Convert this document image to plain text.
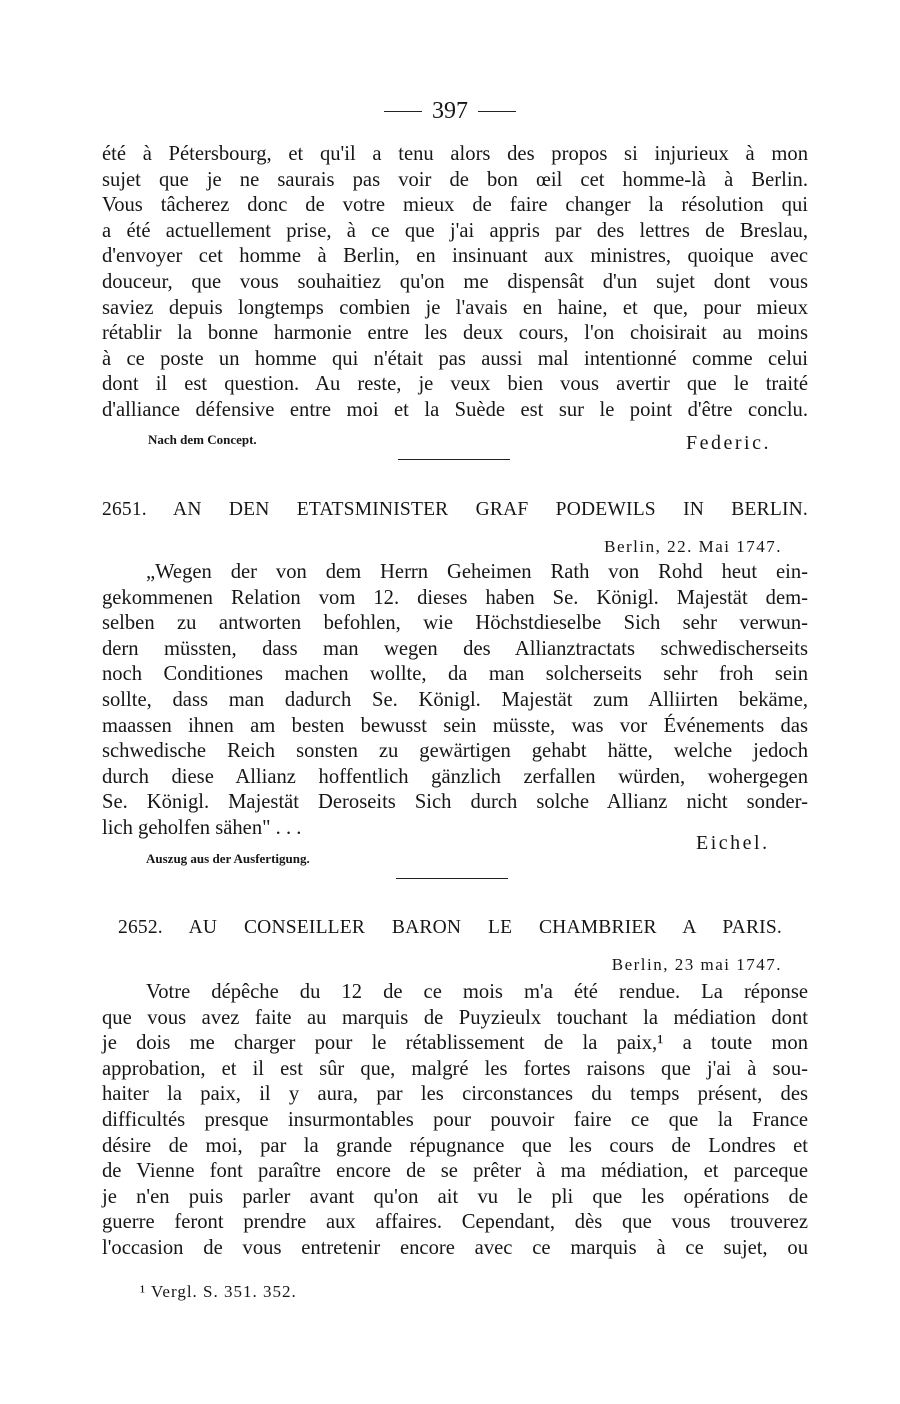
397
été à Pétersbourg, et qu'il a tenu alors des propos si injurieux à mon
sujet que je ne saurais pas voir de bon œil cet homme-là à Berlin.
Vous tâcherez donc de votre mieux de faire changer la résolution qui
a été actuellement prise, à ce que j'ai appris par des lettres de Breslau,
d'envoyer cet homme à Berlin, en insinuant aux ministres, quoique avec
douceur, que vous souhaitiez qu'on me dispensât d'un sujet dont vous
saviez depuis longtemps combien je l'avais en haine, et que, pour mieux
rétablir la bonne harmonie entre les deux cours, l'on choisirait au moins
à ce poste un homme qui n'était pas aussi mal intentionné comme celui
dont il est question. Au reste, je veux bien vous avertir que le traité
d'alliance défensive entre moi et la Suède est sur le point d'être conclu.
Nach dem Concept.	Federic.
2651. AN DEN ETATSMINISTER GRAF PODEWILS IN BERLIN.
Berlin, 22. Mai 1747.
„Wegen der von dem Herrn Geheimen Rath von Rohd heut ein-
gekommenen Relation vom 12. dieses haben Se. Königl. Majestät dem-
selben zu antworten befohlen, wie Höchstdieselbe Sich sehr verwun-
dern müssten, dass man wegen des Allianztractats schwedischerseits
noch Conditiones machen wollte, da man solcherseits sehr froh sein
sollte, dass man dadurch Se. Königl. Majestät zum Alliirten bekäme,
maassen ihnen am besten bewusst sein müsste, was vor Événements das
schwedische Reich sonsten zu gewärtigen gehabt hätte, welche jedoch
durch diese Allianz hoffentlich gänzlich zerfallen würden, wohergegen
Se. Königl. Majestät Deroseits Sich durch solche Allianz nicht sonder-
lich geholfen sähen" . . .
Eichel.
Auszug aus der Ausfertigung.
2652. AU CONSEILLER BARON LE CHAMBRIER A PARIS.
Berlin, 23 mai 1747.
Votre dépêche du 12 de ce mois m'a été rendue. La réponse
que vous avez faite au marquis de Puyzieulx touchant la médiation dont
je dois me charger pour le rétablissement de la paix,¹ a toute mon
approbation, et il est sûr que, malgré les fortes raisons que j'ai à sou-
haiter la paix, il y aura, par les circonstances du temps présent, des
difficultés presque insurmontables pour pouvoir faire ce que la France
désire de moi, par la grande répugnance que les cours de Londres et
de Vienne font paraître encore de se prêter à ma médiation, et parceque
je n'en puis parler avant qu'on ait vu le pli que les opérations de
guerre feront prendre aux affaires. Cependant, dès que vous trouverez
l'occasion de vous entretenir encore avec ce marquis à ce sujet, ou
¹ Vergl. S. 351. 352.
